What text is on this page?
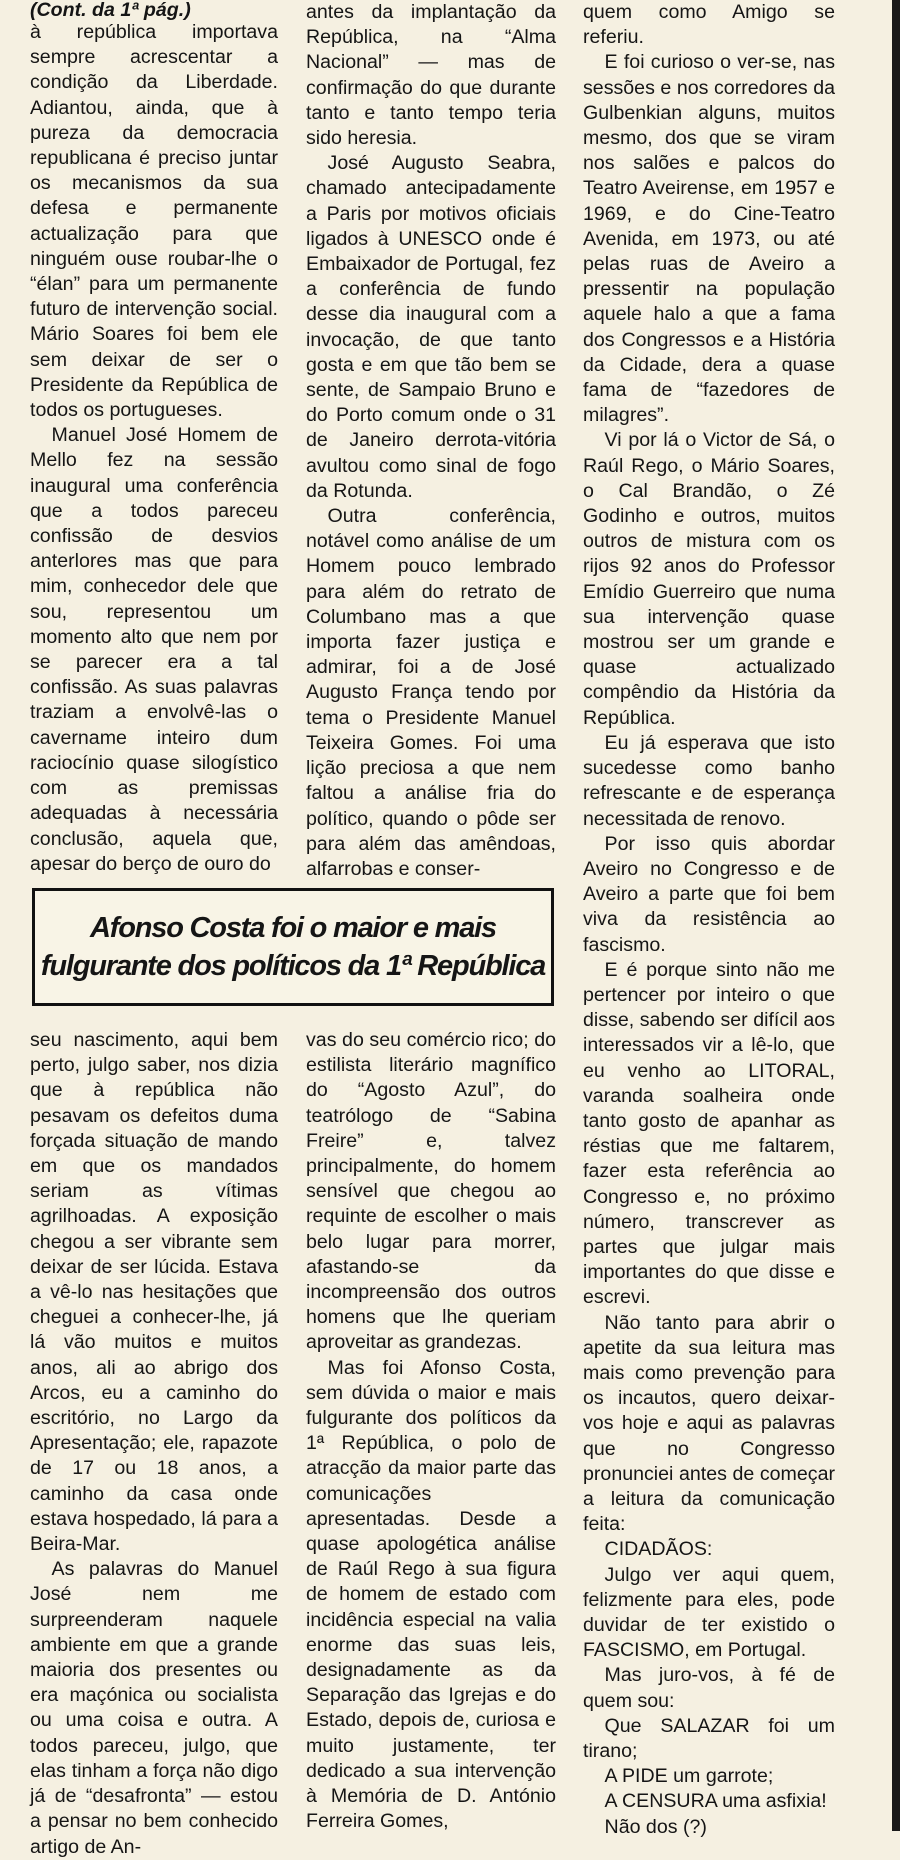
(Cont. da 1ª pág.)

à república importava sempre acrescentar a condição da Liberdade. Adiantou, ainda, que à pureza da democracia republicana é preciso juntar os mecanismos da sua defesa e permanente actualização para que ninguém ouse roubar-lhe o “élan” para um permanente futuro de intervenção social. Mário Soares foi bem ele sem deixar de ser o Presidente da República de todos os portugueses.

Manuel José Homem de Mello fez na sessão inaugural uma conferência que a todos pareceu confissão de desvios anterlores mas que para mim, conhecedor dele que sou, representou um momento alto que nem por se parecer era a tal confissão. As suas palavras traziam a envolvê-las o cavername inteiro dum raciocínio quase silogístico com as premissas adequadas à necessária conclusão, aquela que, apesar do berço de ouro do

antes da implantação da República, na “Alma Nacional” — mas de confirmação do que durante tanto e tanto tempo teria sido heresia.

José Augusto Seabra, chamado antecipadamente a Paris por motivos oficiais ligados à UNESCO onde é Embaixador de Portugal, fez a conferência de fundo desse dia inaugural com a invocação, de que tanto gosta e em que tão bem se sente, de Sampaio Bruno e do Porto comum onde o 31 de Janeiro derrota-vitória avultou como sinal de fogo da Rotunda.

Outra conferência, notável como análise de um Homem pouco lembrado para além do retrato de Columbano mas a que importa fazer justiça e admirar, foi a de José Augusto França tendo por tema o Presidente Manuel Teixeira Gomes. Foi uma lição preciosa a que nem faltou a análise fria do político, quando o pôde ser para além das amêndoas, alfarrobas e conser-

Afonso Costa foi o maior e mais
fulgurante dos políticos da 1ª República

seu nascimento, aqui bem perto, julgo saber, nos dizia que à república não pesavam os defeitos duma forçada situação de mando em que os mandados seriam as vítimas agrilhoadas. A exposição chegou a ser vibrante sem deixar de ser lúcida. Estava a vê-lo nas hesitações que cheguei a conhecer-lhe, já lá vão muitos e muitos anos, ali ao abrigo dos Arcos, eu a caminho do escritório, no Largo da Apresentação; ele, rapazote de 17 ou 18 anos, a caminho da casa onde estava hospedado, lá para a Beira-Mar.

As palavras do Manuel José nem me surpreenderam naquele ambiente em que a grande maioria dos presentes ou era maçónica ou socialista ou uma coisa e outra. A todos pareceu, julgo, que elas tinham a força não digo já de “desafronta” — estou a pensar no bem conhecido artigo de An-

vas do seu comércio rico; do estilista literário magnífico do “Agosto Azul”, do teatrólogo de “Sabina Freire” e, talvez principalmente, do homem sensível que chegou ao requinte de escolher o mais belo lugar para morrer, afastando-se da incompreensão dos outros homens que lhe queriam aproveitar as grandezas.

Mas foi Afonso Costa, sem dúvida o maior e mais fulgurante dos políticos da 1ª República, o polo de atracção da maior parte das comunicações apresentadas. Desde a quase apologética análise de Raúl Rego à sua figura de homem de estado com incidência especial na valia enorme das suas leis, designadamente as da Separação das Igrejas e do Estado, depois de, curiosa e muito justamente, ter dedicado a sua intervenção à Memória de D. António Ferreira Gomes,

quem como Amigo se referiu.

E foi curioso o ver-se, nas sessões e nos corredores da Gulbenkian alguns, muitos mesmo, dos que se viram nos salões e palcos do Teatro Aveirense, em 1957 e 1969, e do Cine-Teatro Avenida, em 1973, ou até pelas ruas de Aveiro a pressentir na população aquele halo a que a fama dos Congressos e a História da Cidade, dera a quase fama de “fazedores de milagres”.

Vi por lá o Victor de Sá, o Raúl Rego, o Mário Soares, o Cal Brandão, o Zé Godinho e outros, muitos outros de mistura com os rijos 92 anos do Professor Emídio Guerreiro que numa sua intervenção quase mostrou ser um grande e quase actualizado compêndio da História da República.

Eu já esperava que isto sucedesse como banho refrescante e de esperança necessitada de renovo.

Por isso quis abordar Aveiro no Congresso e de Aveiro a parte que foi bem viva da resistência ao fascismo.

E é porque sinto não me pertencer por inteiro o que disse, sabendo ser difícil aos interessados vir a lê-lo, que eu venho ao LITORAL, varanda soalheira onde tanto gosto de apanhar as réstias que me faltarem, fazer esta referência ao Congresso e, no próximo número, transcrever as partes que julgar mais importantes do que disse e escrevi.

Não tanto para abrir o apetite da sua leitura mas mais como prevenção para os incautos, quero deixar-vos hoje e aqui as palavras que no Congresso pronunciei antes de começar a leitura da comunicação feita:

CIDADÃOS:

Julgo ver aqui quem, felizmente para eles, pode duvidar de ter existido o FASCISMO, em Portugal.

Mas juro-vos, à fé de quem sou:

Que SALAZAR foi um tirano;

A PIDE um garrote;

A CENSURA uma asfixia!

Não dos (?)
